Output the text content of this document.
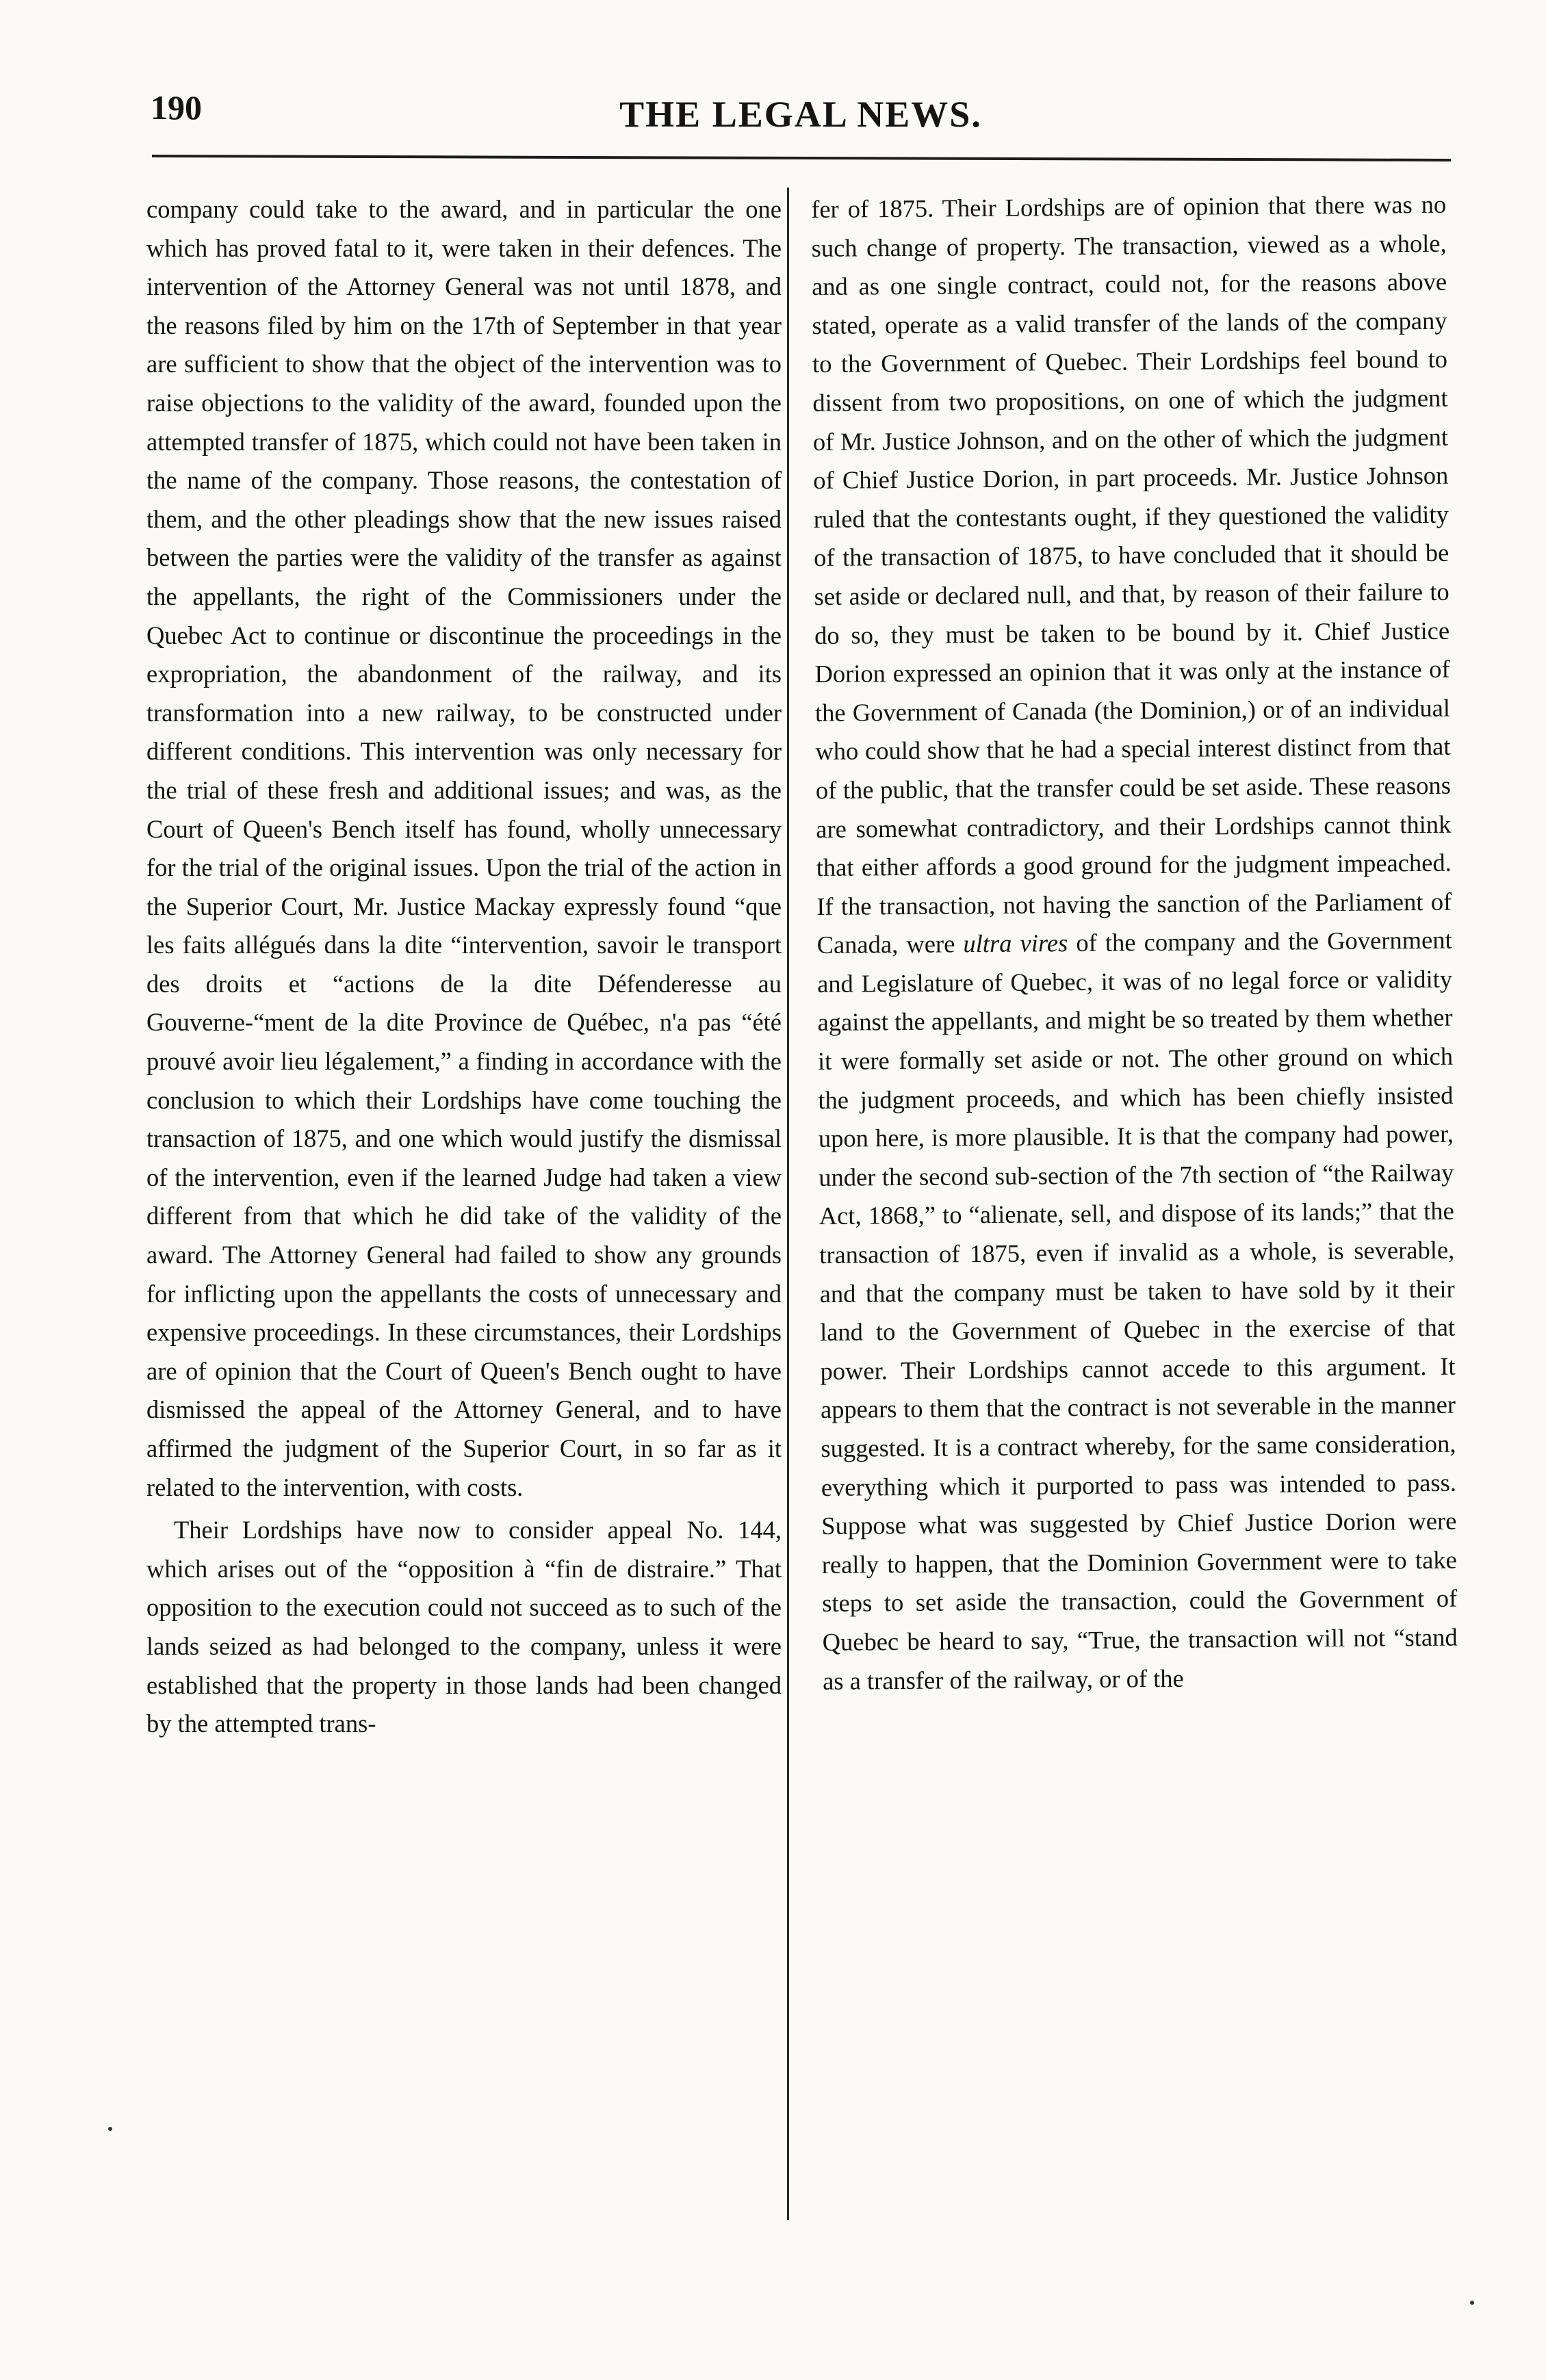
190	THE LEGAL NEWS.

company could take to the award, and in particular the one which has proved fatal to it, were taken in their defences. The intervention of the Attorney General was not until 1878, and the reasons filed by him on the 17th of September in that year are sufficient to show that the object of the intervention was to raise objections to the validity of the award, founded upon the attempted transfer of 1875, which could not have been taken in the name of the company. Those reasons, the contestation of them, and the other pleadings show that the new issues raised between the parties were the validity of the transfer as against the appellants, the right of the Commissioners under the Quebec Act to continue or discontinue the proceedings in the expropriation, the abandonment of the railway, and its transformation into a new railway, to be constructed under different conditions. This intervention was only necessary for the trial of these fresh and additional issues; and was, as the Court of Queen's Bench itself has found, wholly unnecessary for the trial of the original issues. Upon the trial of the action in the Superior Court, Mr. Justice Mackay expressly found “que les faits allégués dans la dite “intervention, savoir le transport des droits et “actions de la dite Défenderesse au Gouverne-“ment de la dite Province de Québec, n'a pas “été prouvé avoir lieu légalement,” a finding in accordance with the conclusion to which their Lordships have come touching the transaction of 1875, and one which would justify the dismissal of the intervention, even if the learned Judge had taken a view different from that which he did take of the validity of the award. The Attorney General had failed to show any grounds for inflicting upon the appellants the costs of unnecessary and expensive proceedings. In these circumstances, their Lordships are of opinion that the Court of Queen's Bench ought to have dismissed the appeal of the Attorney General, and to have affirmed the judgment of the Superior Court, in so far as it related to the intervention, with costs.

Their Lordships have now to consider appeal No. 144, which arises out of the “opposition à “fin de distraire.” That opposition to the execution could not succeed as to such of the lands seized as had belonged to the company, unless it were established that the property in those lands had been changed by the attempted trans-

fer of 1875. Their Lordships are of opinion that there was no such change of property. The transaction, viewed as a whole, and as one single contract, could not, for the reasons above stated, operate as a valid transfer of the lands of the company to the Government of Quebec. Their Lordships feel bound to dissent from two propositions, on one of which the judgment of Mr. Justice Johnson, and on the other of which the judgment of Chief Justice Dorion, in part proceeds. Mr. Justice Johnson ruled that the contestants ought, if they questioned the validity of the transaction of 1875, to have concluded that it should be set aside or declared null, and that, by reason of their failure to do so, they must be taken to be bound by it. Chief Justice Dorion expressed an opinion that it was only at the instance of the Government of Canada (the Dominion,) or of an individual who could show that he had a special interest distinct from that of the public, that the transfer could be set aside. These reasons are somewhat contradictory, and their Lordships cannot think that either affords a good ground for the judgment impeached. If the transaction, not having the sanction of the Parliament of Canada, were ultra vires of the company and the Government and Legislature of Quebec, it was of no legal force or validity against the appellants, and might be so treated by them whether it were formally set aside or not. The other ground on which the judgment proceeds, and which has been chiefly insisted upon here, is more plausible. It is that the company had power, under the second sub-section of the 7th section of “the Railway Act, 1868,” to “alienate, sell, and dispose of its lands;” that the transaction of 1875, even if invalid as a whole, is severable, and that the company must be taken to have sold by it their land to the Government of Quebec in the exercise of that power. Their Lordships cannot accede to this argument. It appears to them that the contract is not severable in the manner suggested. It is a contract whereby, for the same consideration, everything which it purported to pass was intended to pass. Suppose what was suggested by Chief Justice Dorion were really to happen, that the Dominion Government were to take steps to set aside the transaction, could the Government of Quebec be heard to say, “True, the transaction will not “stand as a transfer of the railway, or of the
